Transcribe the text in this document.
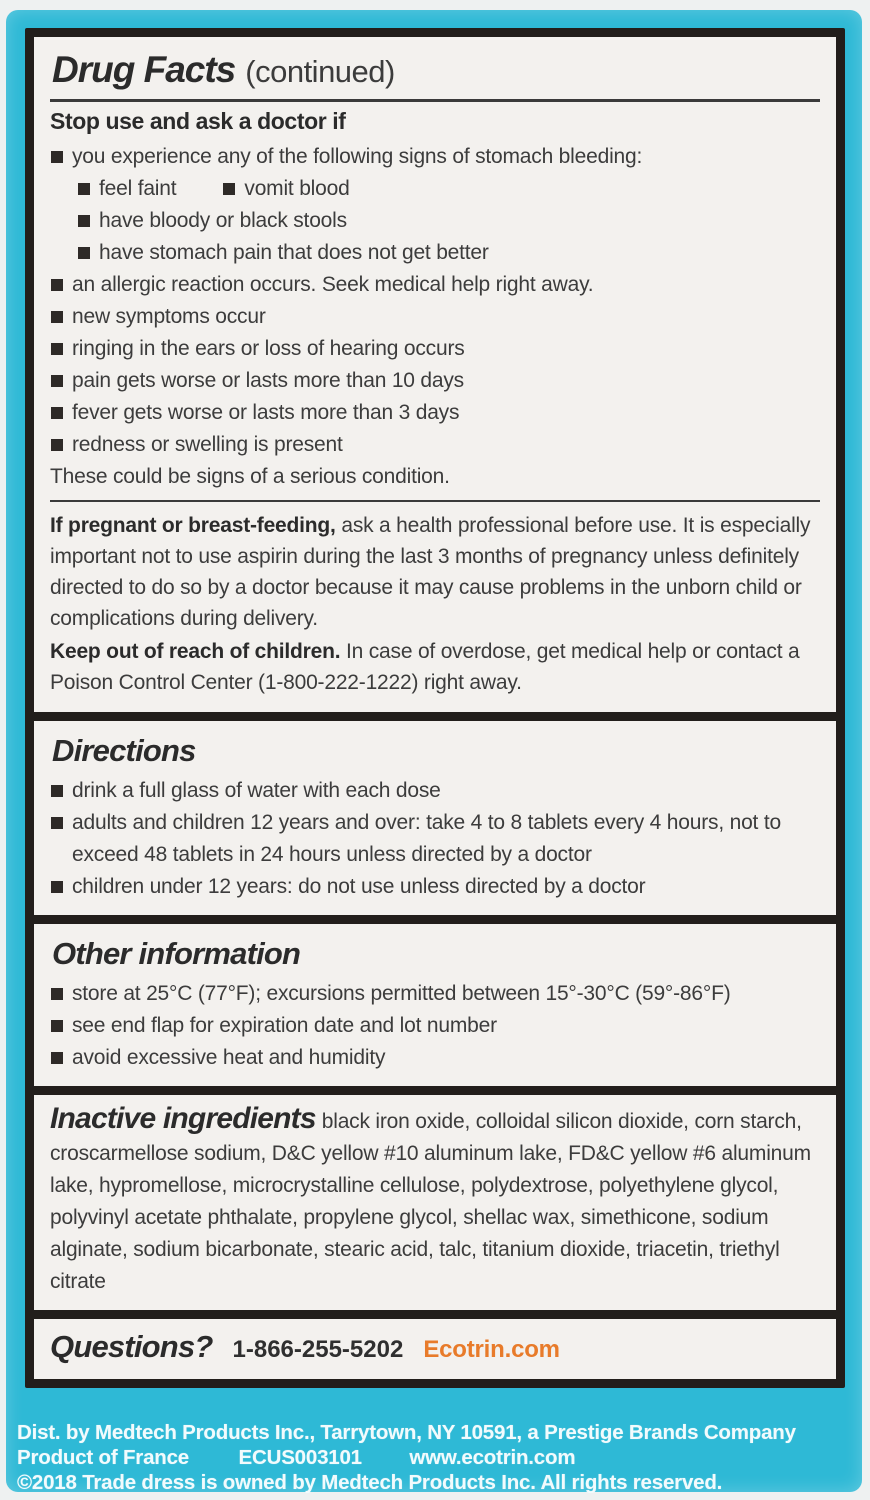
Drug Facts (continued)
Stop use and ask a doctor if
you experience any of the following signs of stomach bleeding:
feel faint	vomit blood
have bloody or black stools
have stomach pain that does not get better
an allergic reaction occurs. Seek medical help right away.
new symptoms occur
ringing in the ears or loss of hearing occurs
pain gets worse or lasts more than 10 days
fever gets worse or lasts more than 3 days
redness or swelling is present
These could be signs of a serious condition.

If pregnant or breast-feeding, ask a health professional before use. It is especially important not to use aspirin during the last 3 months of pregnancy unless definitely directed to do so by a doctor because it may cause problems in the unborn child or complications during delivery.

Keep out of reach of children. In case of overdose, get medical help or contact a Poison Control Center (1-800-222-1222) right away.

Directions
drink a full glass of water with each dose
adults and children 12 years and over: take 4 to 8 tablets every 4 hours, not to exceed 48 tablets in 24 hours unless directed by a doctor
children under 12 years: do not use unless directed by a doctor
Other information
store at 25°C (77°F); excursions permitted between 15°-30°C (59°-86°F)
see end flap for expiration date and lot number
avoid excessive heat and humidity

Inactive ingredients black iron oxide, colloidal silicon dioxide, corn starch, croscarmellose sodium, D&C yellow #10 aluminum lake, FD&C yellow #6 aluminum lake, hypromellose, microcrystalline cellulose, polydextrose, polyethylene glycol, polyvinyl acetate phthalate, propylene glycol, shellac wax, simethicone, sodium alginate, sodium bicarbonate, stearic acid, talc, titanium dioxide, triacetin, triethyl citrate

Questions? 1-866-255-5202 Ecotrin.com
Dist. by Medtech Products Inc., Tarrytown, NY 10591, a Prestige Brands Company
Product of France ECUS003101 www.ecotrin.com
©2018 Trade dress is owned by Medtech Products Inc. All rights reserved.
